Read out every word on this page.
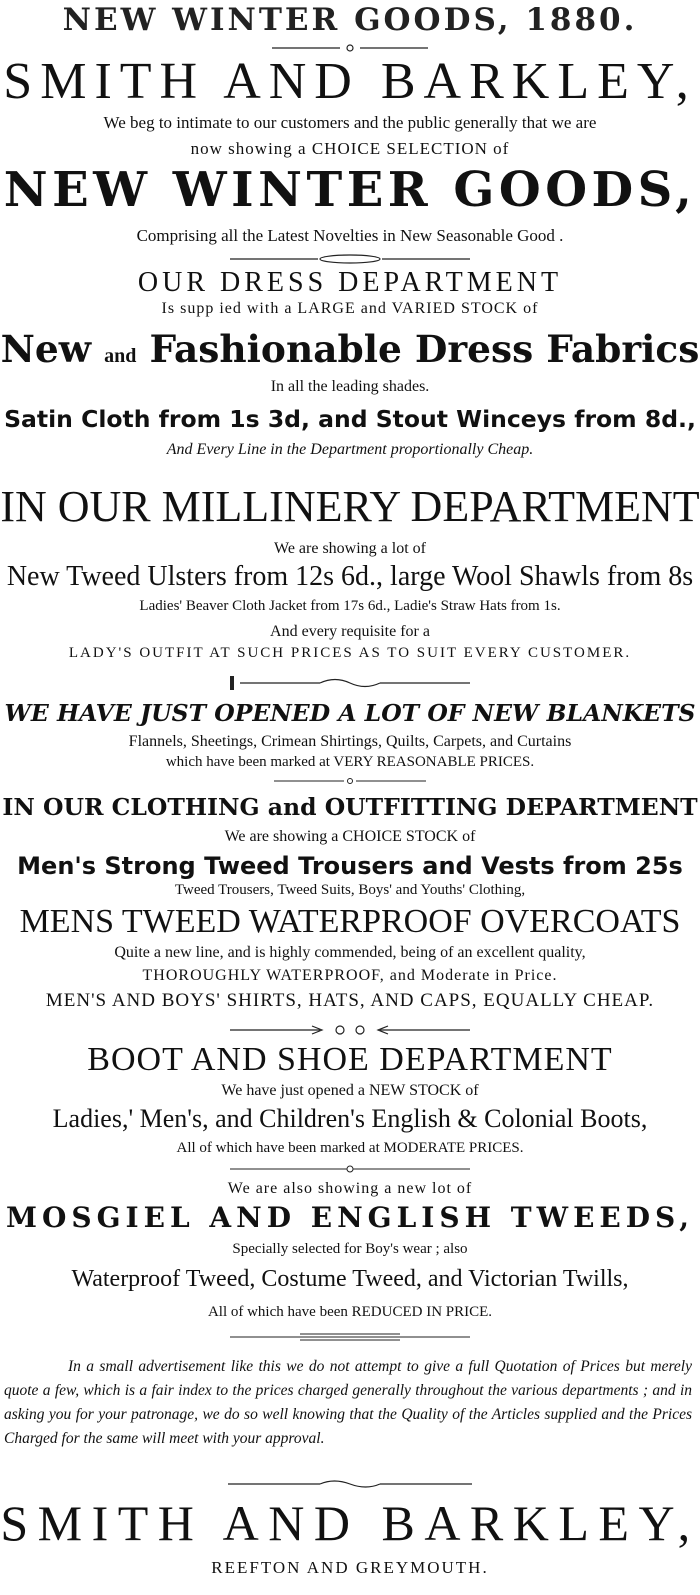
NEW WINTER GOODS, 1880.
SMITH AND BARKLEY,
We beg to intimate to our customers and the public generally that we are
now showing a CHOICE SELECTION of
NEW WINTER GOODS,
Comprising all the Latest Novelties in New Seasonable Good .
OUR DRESS DEPARTMENT
Is supp ied with a LARGE and VARIED STOCK of
New and Fashionable Dress Fabrics
In all the leading shades.
Satin Cloth from 1s 3d, and Stout Winceys from 8d.,
And Every Line in the Department proportionally Cheap.
IN OUR MILLINERY DEPARTMENT
We are showing a lot of
New Tweed Ulsters from 12s 6d., large Wool Shawls from 8s
Ladies' Beaver Cloth Jacket from 17s 6d., Ladie's Straw Hats from 1s.
And every requisite for a
LADY'S OUTFIT AT SUCH PRICES AS TO SUIT EVERY CUSTOMER.
WE HAVE JUST OPENED A LOT OF NEW BLANKETS
Flannels, Sheetings, Crimean Shirtings, Quilts, Carpets, and Curtains
which have been marked at VERY REASONABLE PRICES.
IN OUR CLOTHING and OUTFITTING DEPARTMENT
We are showing a CHOICE STOCK of
Men's Strong Tweed Trousers and Vests from 25s
Tweed Trousers, Tweed Suits, Boys' and Youths' Clothing,
MENS TWEED WATERPROOF OVERCOATS
Quite a new line, and is highly commended, being of an excellent quality,
THOROUGHLY WATERPROOF, and Moderate in Price.
MEN'S AND BOYS' SHIRTS, HATS, AND CAPS, EQUALLY CHEAP.
BOOT AND SHOE DEPARTMENT
We have just opened a NEW STOCK of
Ladies,' Men's, and Children's English & Colonial Boots,
All of which have been marked at MODERATE PRICES.
We are also showing a new lot of
MOSGIEL AND ENGLISH TWEEDS,
Specially selected for Boy's wear ; also
Waterproof Tweed, Costume Tweed, and Victorian Twills,
All of which have been REDUCED IN PRICE.

In a small advertisement like this we do not attempt to give a full Quotation of Prices but merely quote a few, which is a fair index to the prices charged generally throughout the various departments ; and in asking you for your patronage, we do so well knowing that the Quality of the Articles supplied and the Prices Charged for the same will meet with your approval.

SMITH AND BARKLEY,
REEFTON AND GREYMOUTH.
